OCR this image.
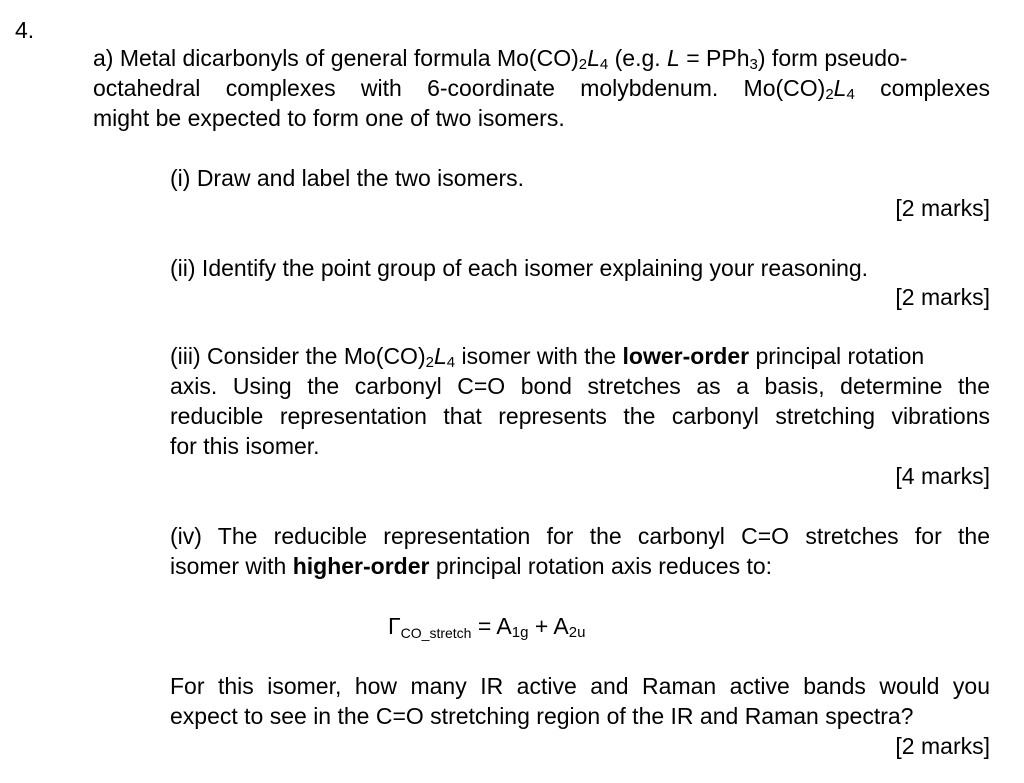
4.
a) Metal dicarbonyls of general formula $Mo(CO)_2L_4$ (e.g. L = PPh$_3$) form pseudo-
octahedral complexes with 6-coordinate molybdenum. $Mo(CO)_2L_4$ complexes
might be expected to form one of two isomers.
(i) Draw and label the two isomers.
[2 marks]
(ii) Identify the point group of each isomer explaining your reasoning.
[2 marks]
(iii) Consider the $Mo(CO)_2L_4$ isomer with the lower-order principal rotation
axis. Using the carbonyl C=O bond stretches as a basis, determine the
reducible representation that represents the carbonyl stretching vibrations
for this isomer.
[4 marks]
(iv) The reducible representation for the carbonyl C=O stretches for the
isomer with higher-order principal rotation axis reduces to:
ΓCO_stretch = $A_{1g} + A_{2u}$
For this isomer, how many IR active and Raman active bands would you
expect to see in the C=O stretching region of the IR and Raman spectra?
[2 marks]
